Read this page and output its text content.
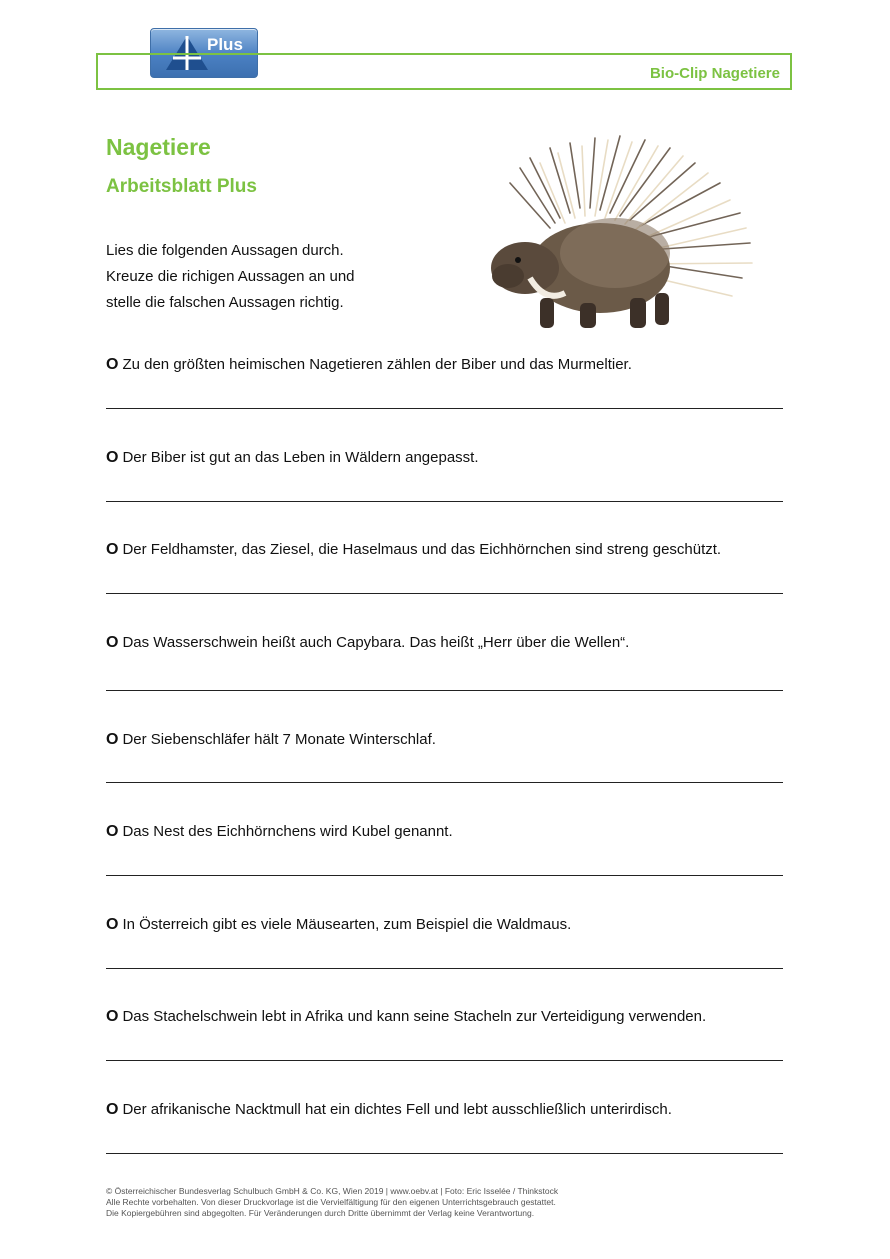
Plus
Bio-Clip Nagetiere
Nagetiere
Arbeitsblatt Plus
Lies die folgenden Aussagen durch.
Kreuze die richigen Aussagen an und
stelle die falschen Aussagen richtig.
O Zu den größten heimischen Nagetieren zählen der Biber und das Murmeltier.
O Der Biber ist gut an das Leben in Wäldern angepasst.
O Der Feldhamster, das Ziesel, die Haselmaus und das Eichhörnchen sind streng geschützt.
O Das Wasserschwein heißt auch Capybara. Das heißt „Herr über die Wellen“.
O Der Siebenschläfer hält 7 Monate Winterschlaf.
O Das Nest des Eichhörnchens wird Kubel genannt.
O In Österreich gibt es viele Mäusearten, zum Beispiel die Waldmaus.
O Das Stachelschwein lebt in Afrika und kann seine Stacheln zur Verteidigung verwenden.
O Der afrikanische Nacktmull hat ein dichtes Fell und lebt ausschließlich unterirdisch.
© Österreichischer Bundesverlag Schulbuch GmbH & Co. KG, Wien 2019 | www.oebv.at | Foto: Eric Isselée / Thinkstock
Alle Rechte vorbehalten. Von dieser Druckvorlage ist die Vervielfältigung für den eigenen Unterrichtsgebrauch gestattet.
Die Kopiergebühren sind abgegolten. Für Veränderungen durch Dritte übernimmt der Verlag keine Verantwortung.
